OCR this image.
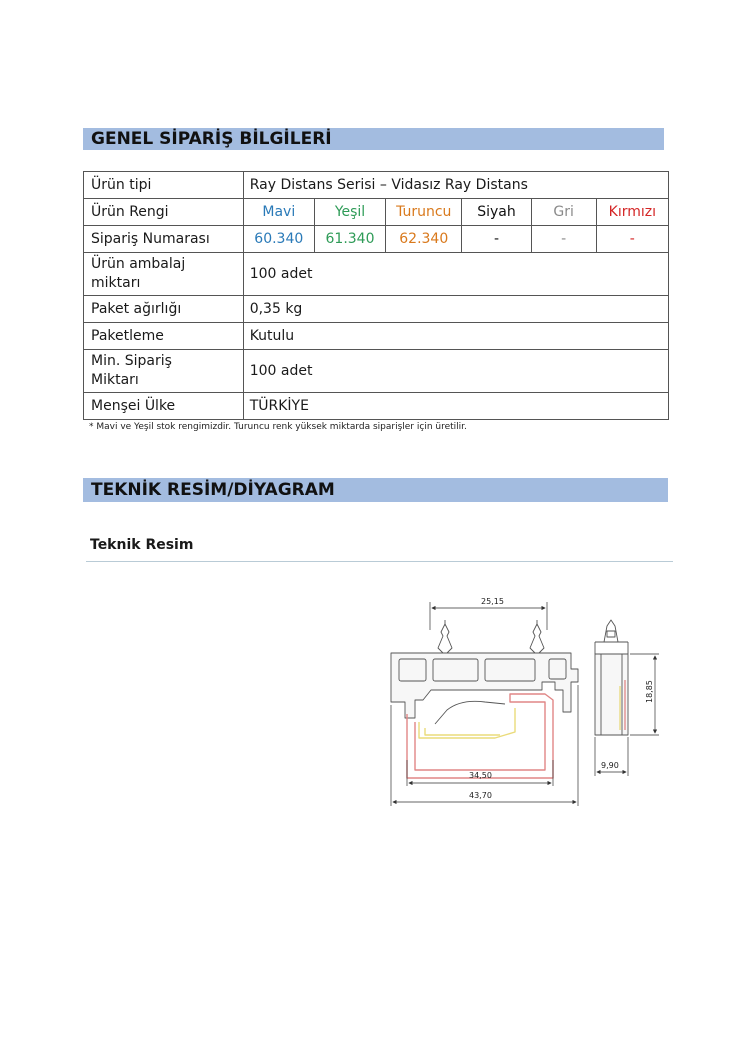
GENEL SİPARİŞ BİLGİLERİ
Ürün tipi	Ray Distans Serisi – Vidasız Ray Distans					
Ürün Rengi	Mavi	Yeşil	Turuncu	Siyah	Gri	Kırmızı
Sipariş Numarası	60.340	61.340	62.340	-	-	-

Ürün ambalaj
miktarı	100 adet					
Paket ağırlığı	0,35 kg					
Paketleme	Kutulu					

Min. Sipariş
Miktarı	100 adet					
Menşei Ülke	TÜRKİYE					
* Mavi ve Yeşil stok rengimizdir. Turuncu renk yüksek miktarda siparişler için üretilir.
TEKNİK RESİM/DİYAGRAM
Teknik Resim
25,15
34,50
43,70
18,85
9,90
